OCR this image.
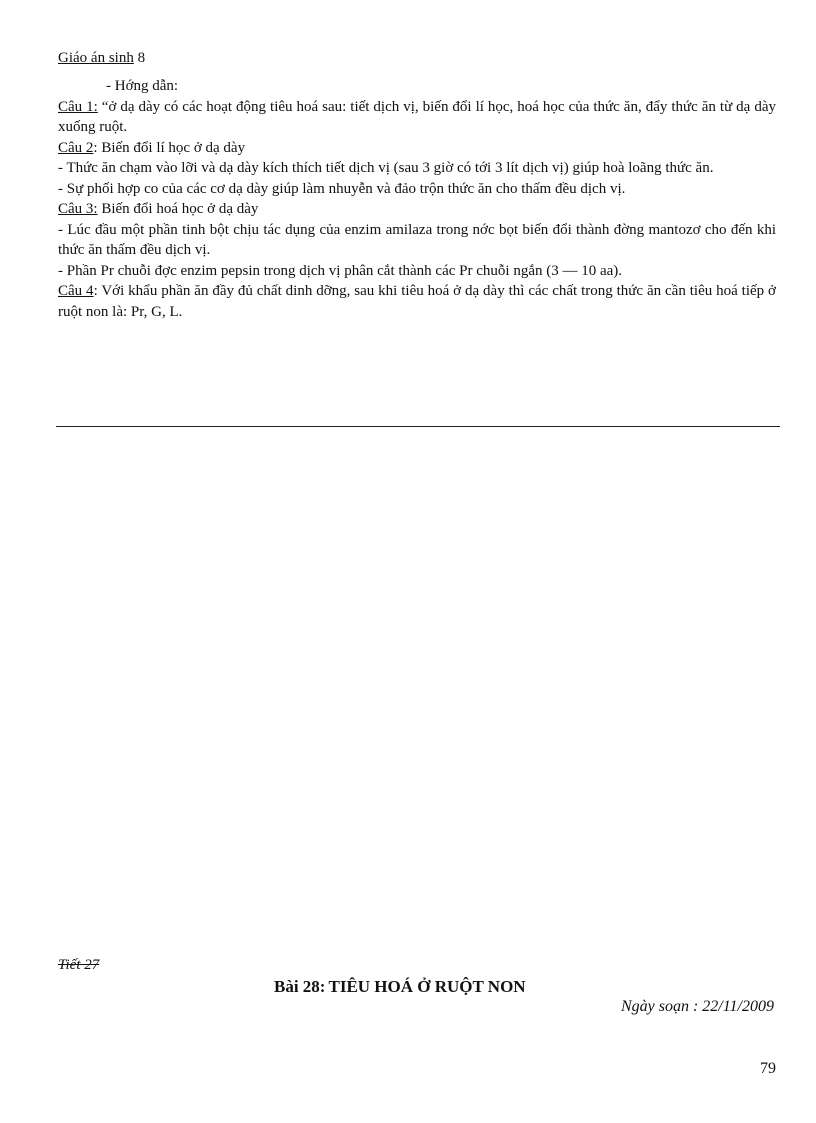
Giáo án sinh 8

- Hớng dẫn:

Câu 1: “ở dạ dày có các hoạt động tiêu hoá sau: tiết dịch vị, biến đổi lí học, hoá học của thức ăn, đẩy thức ăn từ dạ dày xuống ruột.

Câu 2: Biến đổi lí học ở dạ dày

- Thức ăn chạm vào lỡi và dạ dày kích thích tiết dịch vị (sau 3 giờ có tới 3 lít dịch vị) giúp hoà loãng thức ăn.

- Sự phối hợp co của các cơ dạ dày giúp làm nhuyễn và đảo trộn thức ăn cho thấm đều dịch vị.

Câu 3: Biến đổi hoá học ở dạ dày

- Lúc đầu một phần tinh bột chịu tác dụng của enzim amilaza trong nớc bọt biến đổi thành đờng mantozơ cho đến khi thức ăn thấm đều dịch vị.

- Phần Pr chuỗi đợc enzim pepsin trong dịch vị phân cắt thành các Pr chuỗi ngắn (3 — 10 aa).

Câu 4: Với khẩu phần ăn đầy đủ chất dinh dỡng, sau khi tiêu hoá ở dạ dày thì các chất trong thức ăn cần tiêu hoá tiếp ở ruột non là: Pr, G, L.

Tiết 27
Bài 28: TIÊU HOÁ Ở RUỘT NON
Ngày soạn : 22/11/2009
79
